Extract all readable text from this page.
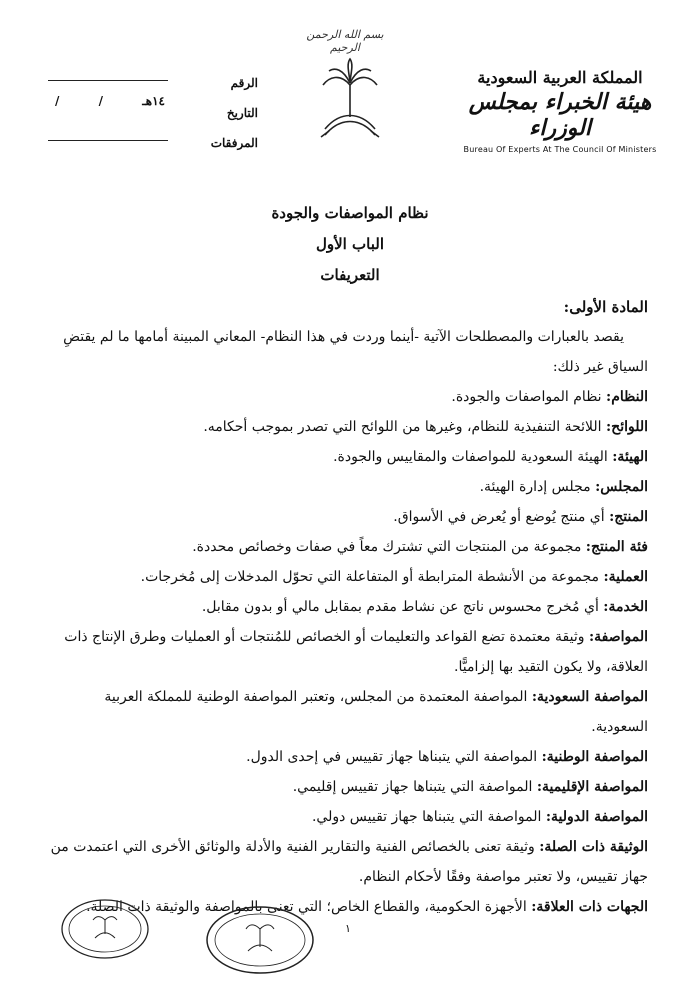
الرقم
التاريخ
المرفقات
١٤هـ
/
/
بسم الله الرحمن الرحيم
المملكة العربية السعودية
هيئة الخبراء بمجلس الوزراء
Bureau Of Experts At The Council Of Ministers
نظام المواصفات والجودة
الباب الأول
التعريفات

المادة الأولى:

يقصد بالعبارات والمصطلحات الآتية -أينما وردت في هذا النظام- المعاني المبينة أمامها ما لم يقتضِ السياق غير ذلك:

النظام: نظام المواصفات والجودة.

اللوائح: اللائحة التنفيذية للنظام، وغيرها من اللوائح التي تصدر بموجب أحكامه.

الهيئة: الهيئة السعودية للمواصفات والمقاييس والجودة.

المجلس: مجلس إدارة الهيئة.

المنتج: أي منتج يُوضع أو يُعرض في الأسواق.

فئة المنتج: مجموعة من المنتجات التي تشترك معاً في صفات وخصائص محددة.

العملية: مجموعة من الأنشطة المترابطة أو المتفاعلة التي تحوّل المدخلات إلى مُخرجات.

الخدمة: أي مُخرج محسوس ناتج عن نشاط مقدم بمقابل مالي أو بدون مقابل.

المواصفة: وثيقة معتمدة تضع القواعد والتعليمات أو الخصائص للمُنتجات أو العمليات وطرق الإنتاج ذات العلاقة، ولا يكون التقيد بها إلزاميًّا.

المواصفة السعودية: المواصفة المعتمدة من المجلس، وتعتبر المواصفة الوطنية للمملكة العربية السعودية.

المواصفة الوطنية: المواصفة التي يتبناها جهاز تقييس في إحدى الدول.

المواصفة الإقليمية: المواصفة التي يتبناها جهاز تقييس إقليمي.

المواصفة الدولية: المواصفة التي يتبناها جهاز تقييس دولي.

الوثيقة ذات الصلة: وثيقة تعنى بالخصائص الفنية والتقارير الفنية والأدلة والوثائق الأخرى التي اعتمدت من جهاز تقييس، ولا تعتبر مواصفة وفقًا لأحكام النظام.

الجهات ذات العلاقة: الأجهزة الحكومية، والقطاع الخاص؛ التي تعنى بالمواصفة والوثيقة ذات الصلة.

١
